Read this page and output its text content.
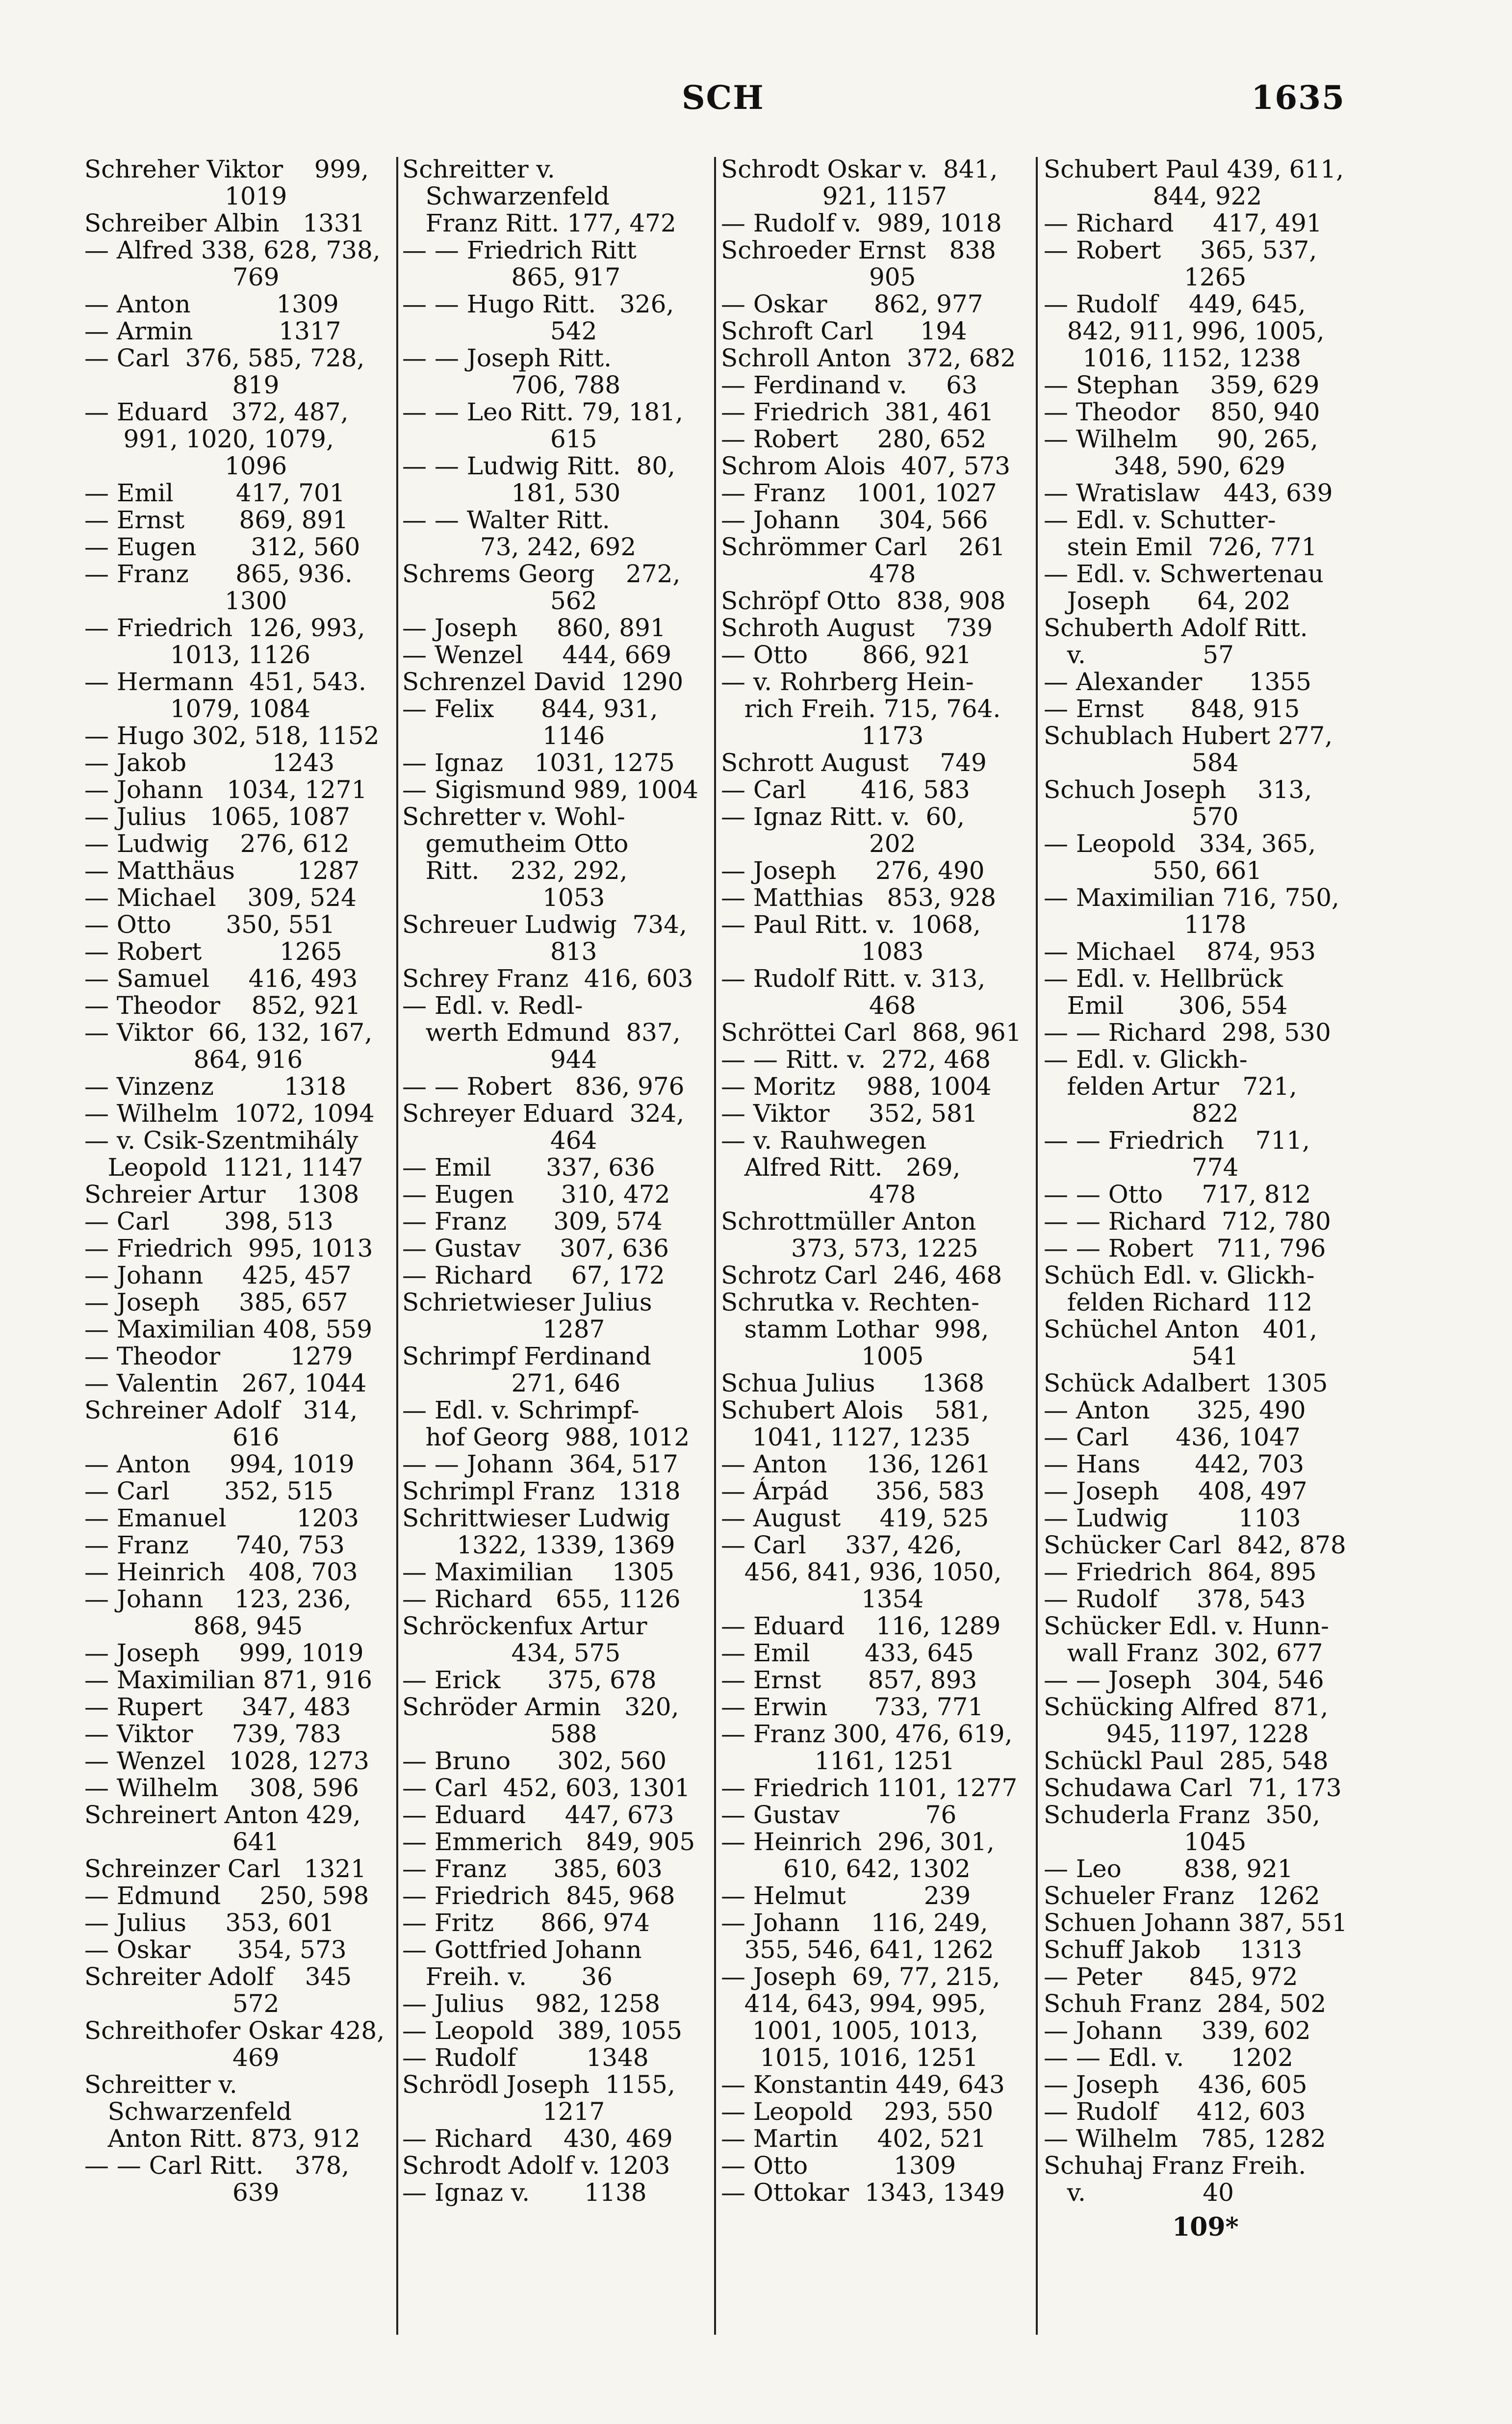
SCH	1635
Schreher Viktor    999,
1019
Schreiber Albin   1331
— Alfred 338, 628, 738,
769
— Anton           1309
— Armin           1317
— Carl  376, 585, 728,
819
— Eduard   372, 487,
991, 1020, 1079,
1096
— Emil        417, 701
— Ernst       869, 891
— Eugen       312, 560
— Franz      865, 936.
1300
— Friedrich  126, 993,
1013, 1126
— Hermann  451, 543.
1079, 1084
— Hugo 302, 518, 1152
— Jakob           1243
— Johann   1034, 1271
— Julius   1065, 1087
— Ludwig    276, 612
— Matthäus        1287
— Michael    309, 524
— Otto       350, 551
— Robert          1265
— Samuel     416, 493
— Theodor    852, 921
— Viktor  66, 132, 167,
864, 916
— Vinzenz         1318
— Wilhelm  1072, 1094
— v. Csik-Szentmihály
Leopold  1121, 1147
Schreier Artur    1308
— Carl       398, 513
— Friedrich  995, 1013
— Johann     425, 457
— Joseph     385, 657
— Maximilian 408, 559
— Theodor         1279
— Valentin   267, 1044
Schreiner Adolf   314,
616
— Anton     994, 1019
— Carl       352, 515
— Emanuel         1203
— Franz      740, 753
— Heinrich   408, 703
— Johann    123, 236,
868, 945
— Joseph     999, 1019
— Maximilian 871, 916
— Rupert     347, 483
— Viktor     739, 783
— Wenzel   1028, 1273
— Wilhelm    308, 596
Schreinert Anton 429,
641
Schreinzer Carl   1321
— Edmund     250, 598
— Julius     353, 601
— Oskar      354, 573
Schreiter Adolf    345
572
Schreithofer Oskar 428,
469
Schreitter v.
Schwarzenfeld
Anton Ritt. 873, 912
— — Carl Ritt.    378,
639
Schreitter v.
Schwarzenfeld
Franz Ritt. 177, 472
— — Friedrich Ritt
865, 917
— — Hugo Ritt.   326,
542
— — Joseph Ritt.
706, 788
— — Leo Ritt. 79, 181,
615
— — Ludwig Ritt.  80,
181, 530
— — Walter Ritt.
73, 242, 692
Schrems Georg    272,
562
— Joseph     860, 891
— Wenzel     444, 669
Schrenzel David  1290
— Felix      844, 931,
1146
— Ignaz    1031, 1275
— Sigismund 989, 1004
Schretter v. Wohl-
gemutheim Otto
Ritt.    232, 292,
1053
Schreuer Ludwig  734,
813
Schrey Franz  416, 603
— Edl. v. Redl-
werth Edmund  837,
944
— — Robert   836, 976
Schreyer Eduard  324,
464
— Emil       337, 636
— Eugen      310, 472
— Franz      309, 574
— Gustav     307, 636
— Richard     67, 172
Schrietwieser Julius
1287
Schrimpf Ferdinand
271, 646
— Edl. v. Schrimpf-
hof Georg  988, 1012
— — Johann  364, 517
Schrimpl Franz   1318
Schrittwieser Ludwig
1322, 1339, 1369
— Maximilian     1305
— Richard   655, 1126
Schröckenfux Artur
434, 575
— Erick      375, 678
Schröder Armin   320,
588
— Bruno      302, 560
— Carl  452, 603, 1301
— Eduard     447, 673
— Emmerich   849, 905
— Franz      385, 603
— Friedrich  845, 968
— Fritz      866, 974
— Gottfried Johann
Freih. v.       36
— Julius    982, 1258
— Leopold   389, 1055
— Rudolf         1348
Schrödl Joseph  1155,
1217
— Richard    430, 469
Schrodt Adolf v. 1203
— Ignaz v.       1138
Schrodt Oskar v.  841,
921, 1157
— Rudolf v.  989, 1018
Schroeder Ernst   838
905
— Oskar      862, 977
Schroft Carl      194
Schroll Anton  372, 682
— Ferdinand v.     63
— Friedrich  381, 461
— Robert     280, 652
Schrom Alois  407, 573
— Franz    1001, 1027
— Johann     304, 566
Schrömmer Carl    261
478
Schröpf Otto  838, 908
Schroth August    739
— Otto       866, 921
— v. Rohrberg Hein-
rich Freih. 715, 764.
1173
Schrott August    749
— Carl       416, 583
— Ignaz Ritt. v.  60,
202
— Joseph     276, 490
— Matthias   853, 928
— Paul Ritt. v.  1068,
1083
— Rudolf Ritt. v. 313,
468
Schröttei Carl  868, 961
— — Ritt. v.  272, 468
— Moritz    988, 1004
— Viktor     352, 581
— v. Rauhwegen
Alfred Ritt.   269,
478
Schrottmüller Anton
373, 573, 1225
Schrotz Carl  246, 468
Schrutka v. Rechten-
stamm Lothar  998,
1005
Schua Julius      1368
Schubert Alois    581,
1041, 1127, 1235
— Anton     136, 1261
— Árpád      356, 583
— August     419, 525
— Carl     337, 426,
456, 841, 936, 1050,
1354
— Eduard    116, 1289
— Emil       433, 645
— Ernst      857, 893
— Erwin      733, 771
— Franz 300, 476, 619,
1161, 1251
— Friedrich 1101, 1277
— Gustav           76
— Heinrich  296, 301,
610, 642, 1302
— Helmut          239
— Johann    116, 249,
355, 546, 641, 1262
— Joseph  69, 77, 215,
414, 643, 994, 995,
1001, 1005, 1013,
1015, 1016, 1251
— Konstantin 449, 643
— Leopold    293, 550
— Martin     402, 521
— Otto           1309
— Ottokar  1343, 1349
Schubert Paul 439, 611,
844, 922
— Richard     417, 491
— Robert     365, 537,
1265
— Rudolf    449, 645,
842, 911, 996, 1005,
1016, 1152, 1238
— Stephan    359, 629
— Theodor    850, 940
— Wilhelm     90, 265,
348, 590, 629
— Wratislaw   443, 639
— Edl. v. Schutter-
stein Emil  726, 771
— Edl. v. Schwertenau
Joseph      64, 202
Schuberth Adolf Ritt.
v.               57
— Alexander      1355
— Ernst      848, 915
Schublach Hubert 277,
584
Schuch Joseph    313,
570
— Leopold   334, 365,
550, 661
— Maximilian 716, 750,
1178
— Michael    874, 953
— Edl. v. Hellbrück
Emil       306, 554
— — Richard  298, 530
— Edl. v. Glickh-
felden Artur   721,
822
— — Friedrich    711,
774
— — Otto     717, 812
— — Richard  712, 780
— — Robert   711, 796
Schüch Edl. v. Glickh-
felden Richard  112
Schüchel Anton   401,
541
Schück Adalbert  1305
— Anton      325, 490
— Carl      436, 1047
— Hans       442, 703
— Joseph     408, 497
— Ludwig         1103
Schücker Carl  842, 878
— Friedrich  864, 895
— Rudolf     378, 543
Schücker Edl. v. Hunn-
wall Franz  302, 677
— — Joseph   304, 546
Schücking Alfred  871,
945, 1197, 1228
Schückl Paul  285, 548
Schudawa Carl  71, 173
Schuderla Franz  350,
1045
— Leo        838, 921
Schueler Franz   1262
Schuen Johann 387, 551
Schuff Jakob     1313
— Peter      845, 972
Schuh Franz  284, 502
— Johann     339, 602
— — Edl. v.      1202
— Joseph     436, 605
— Rudolf     412, 603
— Wilhelm   785, 1282
Schuhaj Franz Freih.
v.               40
109*
